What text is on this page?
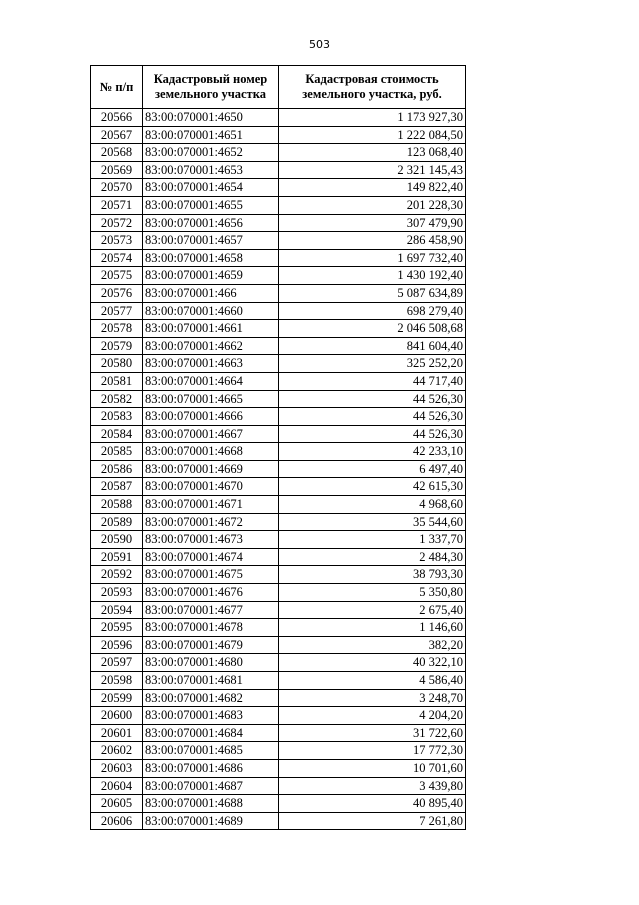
503
№ п/п	Кадастровый номер земельного участка	Кадастровая стоимость земельного участка, руб.
20566	83:00:070001:4650	1 173 927,30
20567	83:00:070001:4651	1 222 084,50
20568	83:00:070001:4652	123 068,40
20569	83:00:070001:4653	2 321 145,43
20570	83:00:070001:4654	149 822,40
20571	83:00:070001:4655	201 228,30
20572	83:00:070001:4656	307 479,90
20573	83:00:070001:4657	286 458,90
20574	83:00:070001:4658	1 697 732,40
20575	83:00:070001:4659	1 430 192,40
20576	83:00:070001:466	5 087 634,89
20577	83:00:070001:4660	698 279,40
20578	83:00:070001:4661	2 046 508,68
20579	83:00:070001:4662	841 604,40
20580	83:00:070001:4663	325 252,20
20581	83:00:070001:4664	44 717,40
20582	83:00:070001:4665	44 526,30
20583	83:00:070001:4666	44 526,30
20584	83:00:070001:4667	44 526,30
20585	83:00:070001:4668	42 233,10
20586	83:00:070001:4669	6 497,40
20587	83:00:070001:4670	42 615,30
20588	83:00:070001:4671	4 968,60
20589	83:00:070001:4672	35 544,60
20590	83:00:070001:4673	1 337,70
20591	83:00:070001:4674	2 484,30
20592	83:00:070001:4675	38 793,30
20593	83:00:070001:4676	5 350,80
20594	83:00:070001:4677	2 675,40
20595	83:00:070001:4678	1 146,60
20596	83:00:070001:4679	382,20
20597	83:00:070001:4680	40 322,10
20598	83:00:070001:4681	4 586,40
20599	83:00:070001:4682	3 248,70
20600	83:00:070001:4683	4 204,20
20601	83:00:070001:4684	31 722,60
20602	83:00:070001:4685	17 772,30
20603	83:00:070001:4686	10 701,60
20604	83:00:070001:4687	3 439,80
20605	83:00:070001:4688	40 895,40
20606	83:00:070001:4689	7 261,80
